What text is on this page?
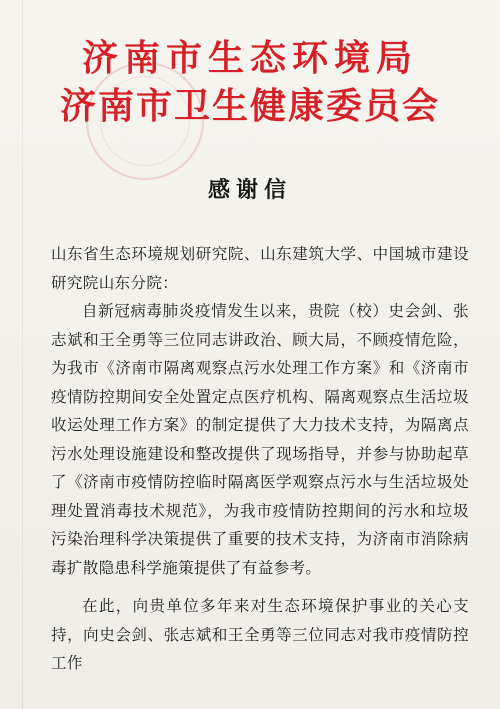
济南市生态环境局
济南市卫生健康委员会
感谢信

山东省生态环境规划研究院、山东建筑大学、中国城市建设研究院山东分院：

自新冠病毒肺炎疫情发生以来，贵院（校）史会剑、张志斌和王全勇等三位同志讲政治、顾大局，不顾疫情危险，为我市《济南市隔离观察点污水处理工作方案》和《济南市疫情防控期间安全处置定点医疗机构、隔离观察点生活垃圾收运处理工作方案》的制定提供了大力技术支持，为隔离点污水处理设施建设和整改提供了现场指导，并参与协助起草了《济南市疫情防控临时隔离医学观察点污水与生活垃圾处理处置消毒技术规范》，为我市疫情防控期间的污水和垃圾污染治理科学决策提供了重要的技术支持，为济南市消除病毒扩散隐患科学施策提供了有益参考。

在此，向贵单位多年来对生态环境保护事业的关心支持，向史会剑、张志斌和王全勇等三位同志对我市疫情防控工作
